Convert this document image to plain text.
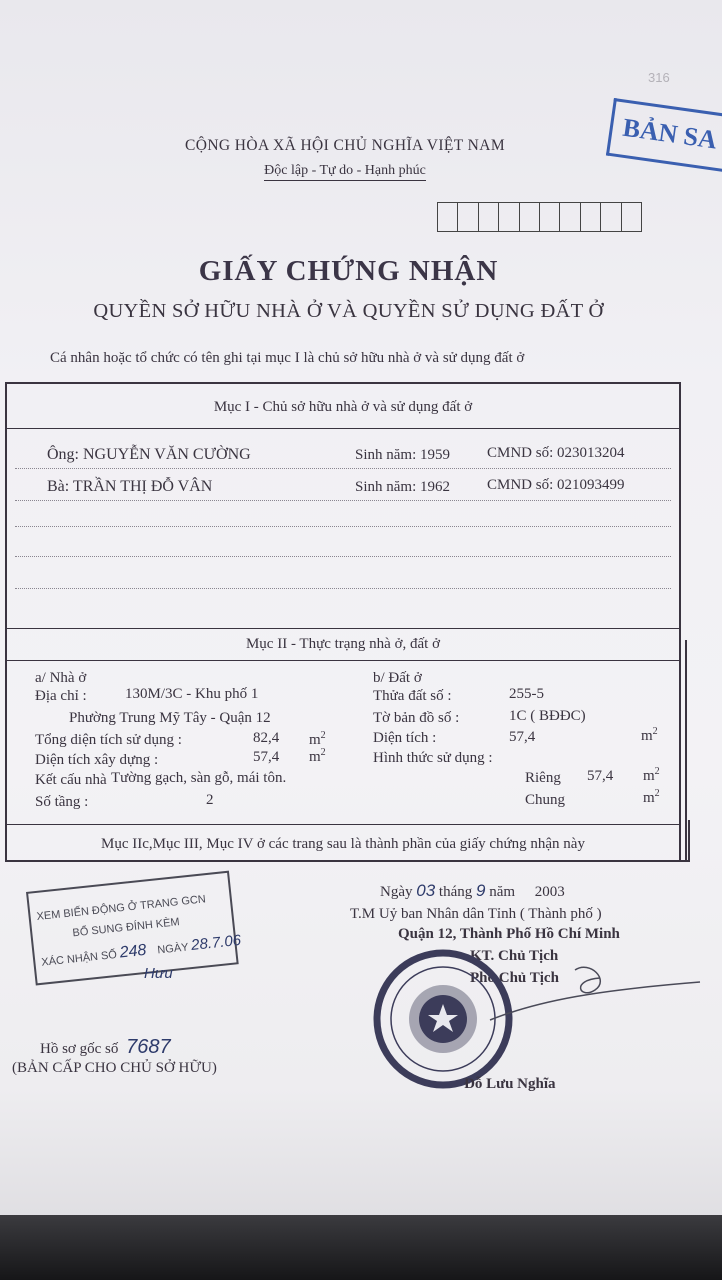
316
BẢN SA
CỘNG HÒA XÃ HỘI CHỦ NGHĨA VIỆT NAM
Độc lập - Tự do - Hạnh phúc
GIẤY CHỨNG NHẬN
QUYỀN SỞ HỮU NHÀ Ở VÀ QUYỀN SỬ DỤNG ĐẤT Ở
Cá nhân hoặc tổ chức có tên ghi tại mục I là chủ sở hữu nhà ở và sử dụng đất ở
Mục I - Chủ sở hữu nhà ở và sử dụng đất ở
Ông: NGUYỄN VĂN CƯỜNG	Sinh năm: 1959 CMND số: 023013204
Bà: TRẦN THỊ ĐỖ VÂN	Sinh năm: 1962 CMND số: 021093499
Mục II - Thực trạng nhà ở, đất ở
a/ Nhà ở
Địa chỉ :	130M/3C - Khu phố 1
Phường Trung Mỹ Tây - Quận 12
Tổng diện tích sử dụng :	82,4 $m^2$
Diện tích xây dựng :	57,4 $m^2$
Kết cấu nhà Tường gạch, sàn gỗ, mái tôn.
Số tầng :	2
b/ Đất ở
Thửa đất số :	255-5
Tờ bản đồ số :	1C ( BĐĐC)
Diện tích :	57,4	$m^2$
Hình thức sử dụng :
Riêng 57,4 $m^2$
Chung	$m^2$
Mục IIc,Mục III, Mục IV ở các trang sau là thành phần của giấy chứng nhận này
Ngày 03 tháng 9 năm 2003
T.M Uỷ ban Nhân dân Tỉnh ( Thành phố )
Quận 12, Thành Phố Hồ Chí Minh
KT. Chủ Tịch
Phó Chủ Tịch
Đỗ Lưu Nghĩa
XEM BIẾN ĐỘNG Ở TRANG GCN
BỔ SUNG ĐÍNH KÈM
XÁC NHẬN SỐ 248 NGÀY 28.7.06
Hưu
Hồ sơ gốc số 7687
(BẢN CẤP CHO CHỦ SỞ HỮU)
